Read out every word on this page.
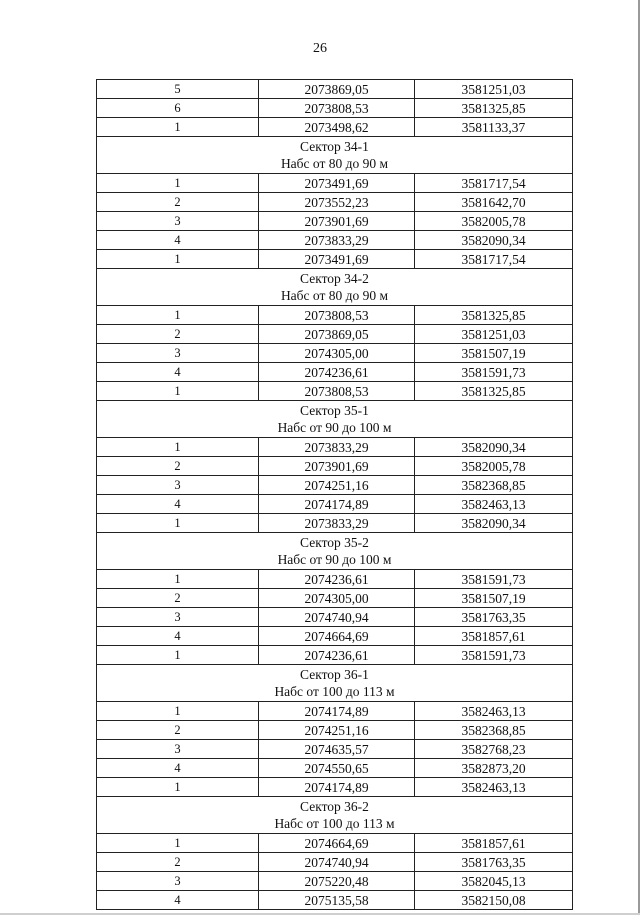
26
5	2073869,05	3581251,03
6	2073808,53	3581325,85
1	2073498,62	3581133,37

Сектор 34-1
Набс от 80 до 90 м		

1	2073491,69	3581717,54
2	2073552,23	3581642,70
3	2073901,69	3582005,78
4	2073833,29	3582090,34
1	2073491,69	3581717,54

Сектор 34-2
Набс от 80 до 90 м		

1	2073808,53	3581325,85
2	2073869,05	3581251,03
3	2074305,00	3581507,19
4	2074236,61	3581591,73
1	2073808,53	3581325,85

Сектор 35-1
Набс от 90 до 100 м		

1	2073833,29	3582090,34
2	2073901,69	3582005,78
3	2074251,16	3582368,85
4	2074174,89	3582463,13
1	2073833,29	3582090,34

Сектор 35-2
Набс от 90 до 100 м		

1	2074236,61	3581591,73
2	2074305,00	3581507,19
3	2074740,94	3581763,35
4	2074664,69	3581857,61
1	2074236,61	3581591,73

Сектор 36-1
Набс от 100 до 113 м		

1	2074174,89	3582463,13
2	2074251,16	3582368,85
3	2074635,57	3582768,23
4	2074550,65	3582873,20
1	2074174,89	3582463,13

Сектор 36-2
Набс от 100 до 113 м		

1	2074664,69	3581857,61
2	2074740,94	3581763,35
3	2075220,48	3582045,13
4	2075135,58	3582150,08
